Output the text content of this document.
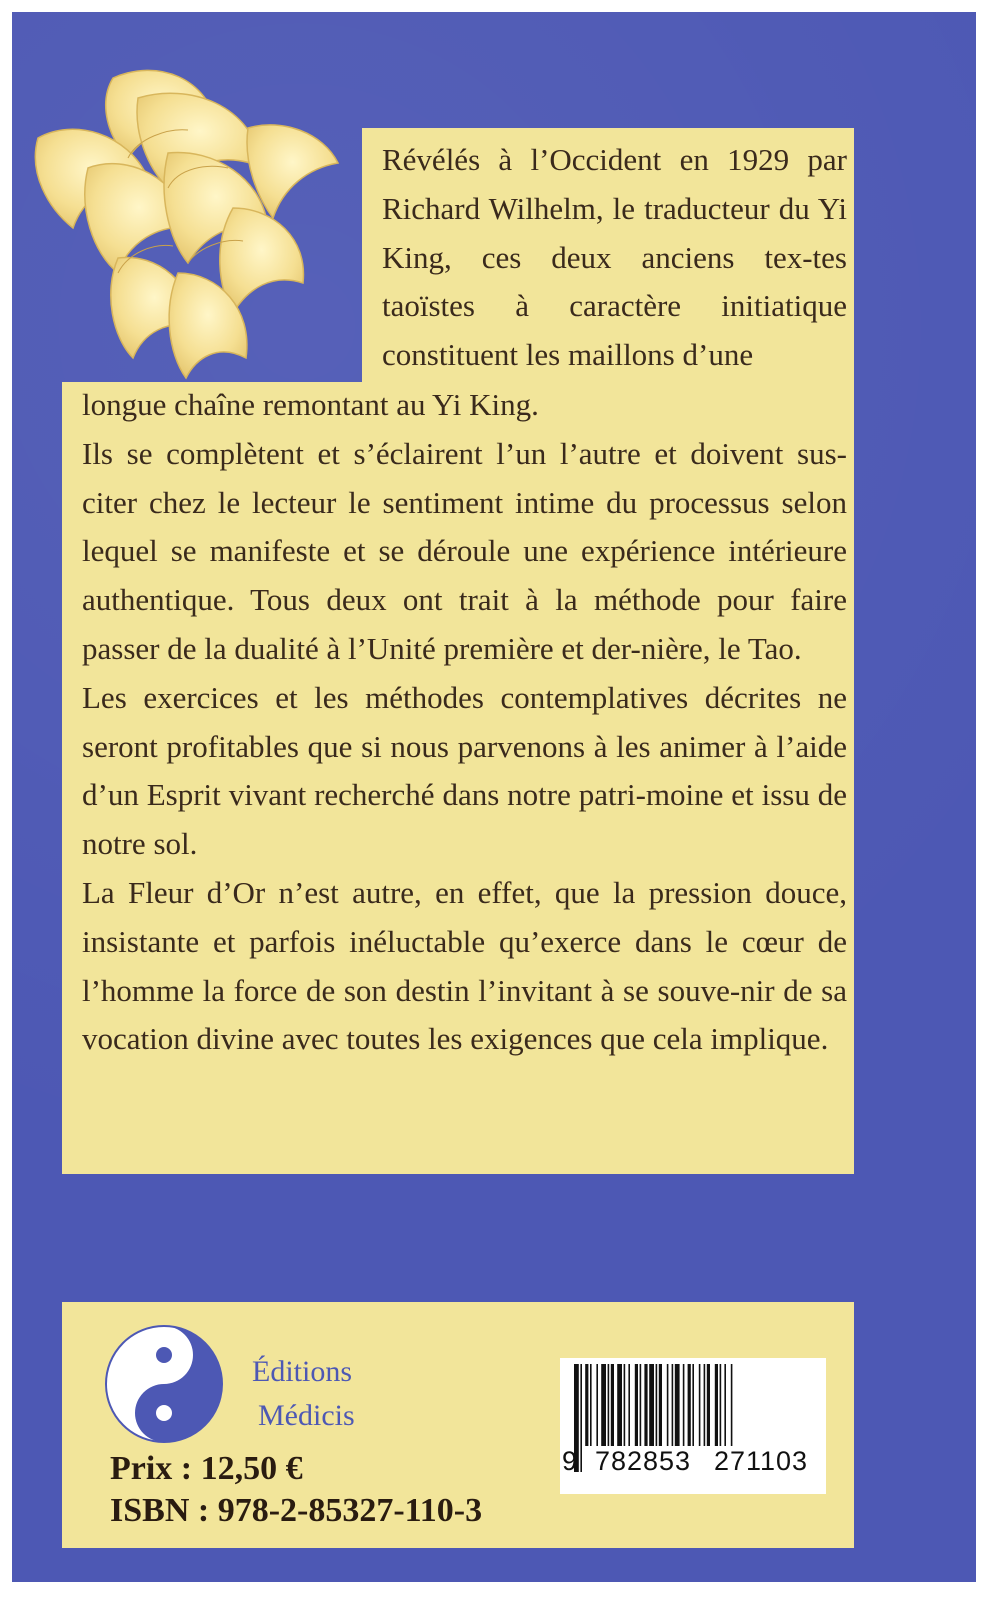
Révélés à l’Occident en 1929 par Richard Wilhelm, le traducteur du Yi King, ces deux anciens tex-tes taoïstes à caractère initiatique constituent les maillons d’une

longue chaîne remontant au Yi King.

Ils se complètent et s’éclairent l’un l’autre et doivent sus-citer chez le lecteur le sentiment intime du processus selon lequel se manifeste et se déroule une expérience intérieure authentique. Tous deux ont trait à la méthode pour faire passer de la dualité à l’Unité première et der-nière, le Tao.

Les exercices et les méthodes contemplatives décrites ne seront profitables que si nous parvenons à les animer à l’aide d’un Esprit vivant recherché dans notre patri-moine et issu de notre sol.

La Fleur d’Or n’est autre, en effet, que la pression douce, insistante et parfois inéluctable qu’exerce dans le cœur de l’homme la force de son destin l’invitant à se souve-nir de sa vocation divine avec toutes les exigences que cela implique.

Éditions
Médicis
Prix : 12,50 €
ISBN : 978-2-85327-110-3
9 782853 271103
